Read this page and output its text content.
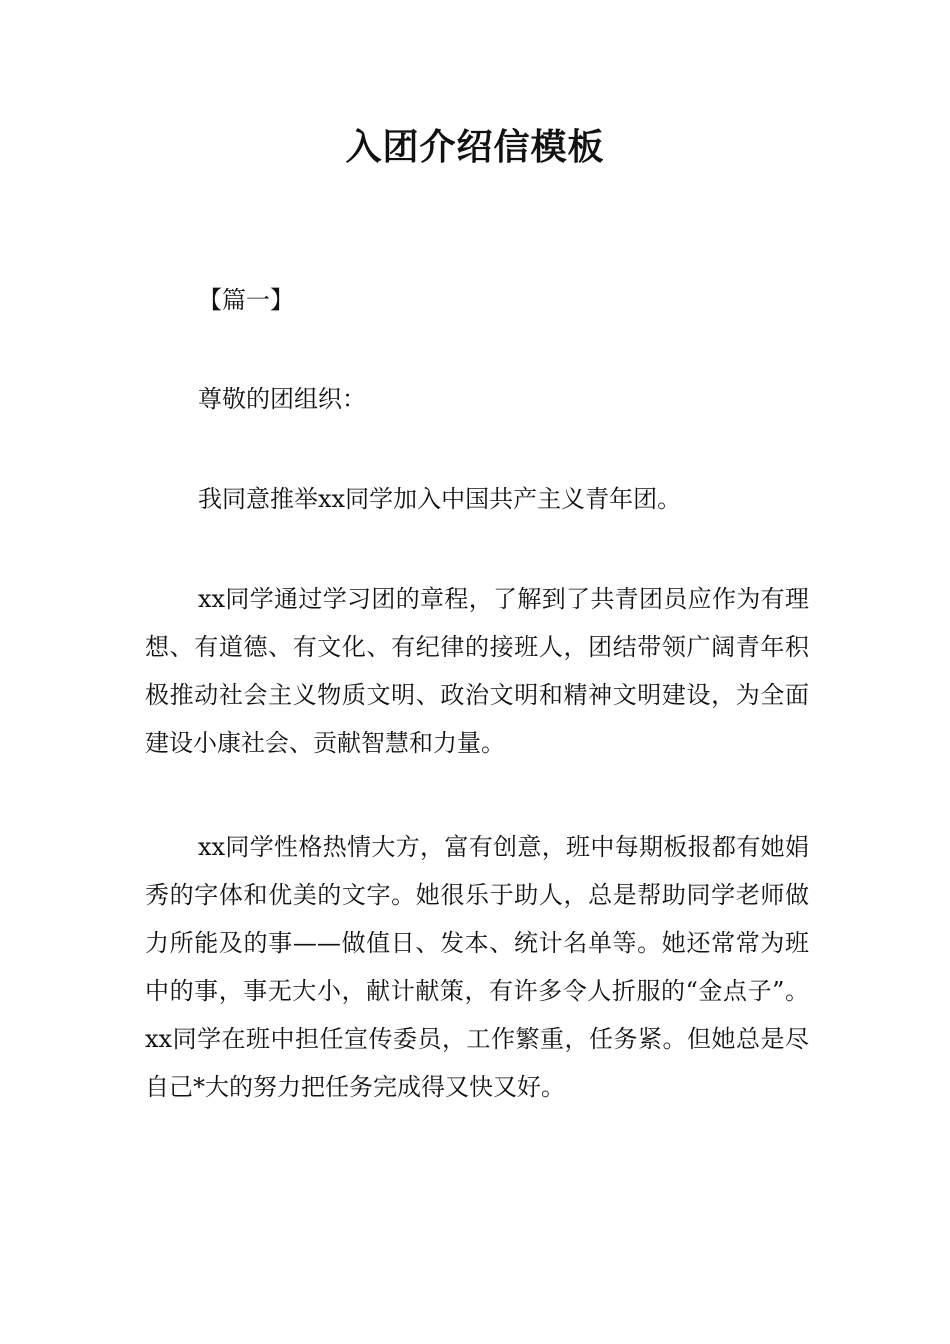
入团介绍信模板

【篇一】

尊敬的团组织：

我同意推举xx同学加入中国共产主义青年团。

xx同学通过学习团的章程，了解到了共青团员应作为有理想、有道德、有文化、有纪律的接班人，团结带领广阔青年积极推动社会主义物质文明、政治文明和精神文明建设，为全面建设小康社会、贡献智慧和力量。

xx同学性格热情大方，富有创意，班中每期板报都有她娟秀的字体和优美的文字。她很乐于助人，总是帮助同学老师做力所能及的事——做值日、发本、统计名单等。她还常常为班中的事，事无大小，献计献策，有许多令人折服的“金点子”。xx同学在班中担任宣传委员，工作繁重，任务紧。但她总是尽自己*大的努力把任务完成得又快又好。
